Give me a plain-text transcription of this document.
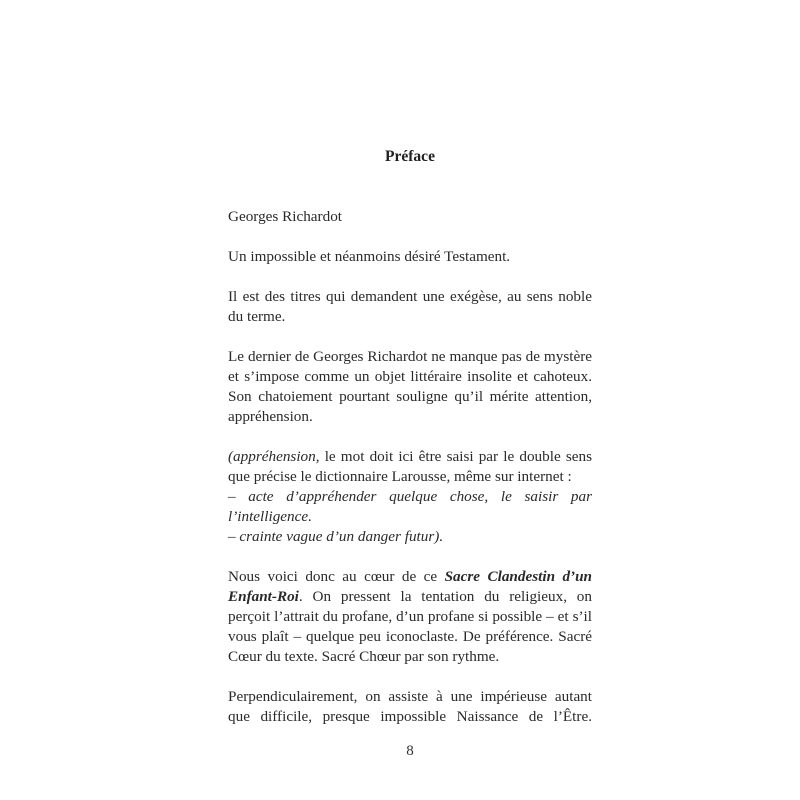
Préface

Georges Richardot

Un impossible et néanmoins désiré Testament.

Il est des titres qui demandent une exégèse, au sens noble du terme.

Le dernier de Georges Richardot ne manque pas de mystère et s’impose comme un objet littéraire insolite et cahoteux. Son chatoiement pourtant souligne qu’il mérite attention, appréhension.

(appréhension, le mot doit ici être saisi par le double sens que précise le dictionnaire Larousse, même sur internet :

– acte d’appréhender quelque chose, le saisir par l’intelligence.
– crainte vague d’un danger futur).

Nous voici donc au cœur de ce Sacre Clandestin d’un Enfant-Roi. On pressent la tentation du religieux, on perçoit l’attrait du profane, d’un profane si possible – et s’il vous plaît – quelque peu iconoclaste. De préférence. Sacré Cœur du texte. Sacré Chœur par son rythme.

Perpendiculairement, on assiste à une impérieuse autant que difficile, presque impossible Naissance de l’Être.

8
